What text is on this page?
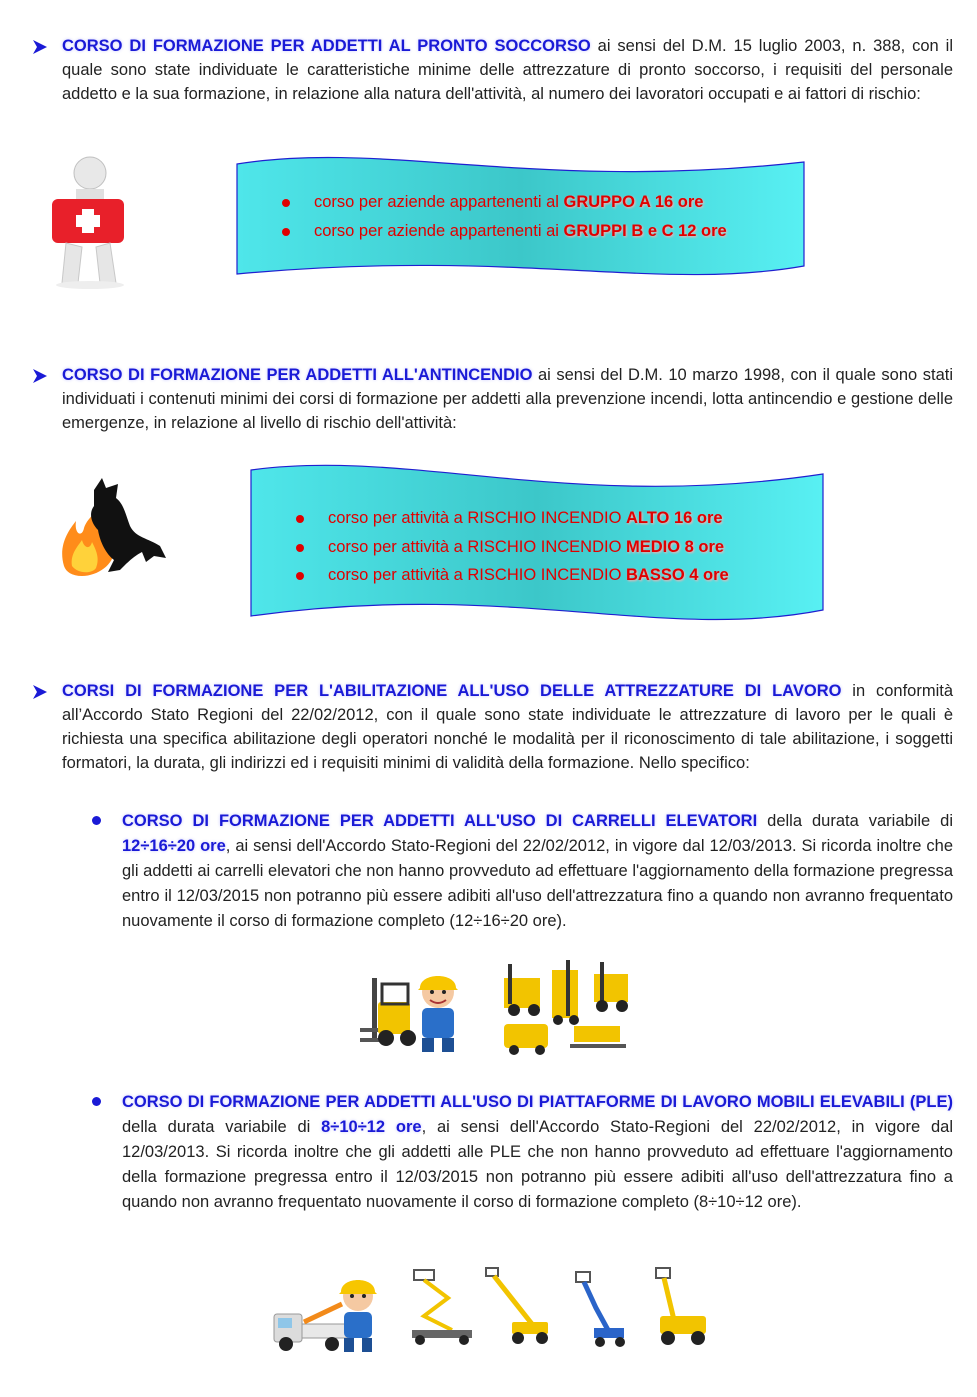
CORSO DI FORMAZIONE PER ADDETTI AL PRONTO SOCCORSO ai sensi del D.M. 15 luglio 2003, n. 388, con il quale sono state individuate le caratteristiche minime delle attrezzature di pronto soccorso, i requisiti del personale addetto e la sua formazione, in relazione alla natura dell'attività, al numero dei lavoratori occupati e ai fattori di rischio:
corso per aziende appartenenti al GRUPPO A 16 ore
corso per aziende appartenenti ai GRUPPI B e C 12 ore
CORSO DI FORMAZIONE PER ADDETTI ALL'ANTINCENDIO ai sensi del D.M. 10 marzo 1998, con il quale sono stati individuati i contenuti minimi dei corsi di formazione per addetti alla prevenzione incendi, lotta antincendio e gestione delle emergenze, in relazione al livello di rischio dell'attività:
corso per attività a RISCHIO INCENDIO ALTO 16 ore
corso per attività a RISCHIO INCENDIO MEDIO 8 ore
corso per attività a RISCHIO INCENDIO BASSO 4 ore
CORSI DI FORMAZIONE PER L'ABILITAZIONE ALL'USO DELLE ATTREZZATURE DI LAVORO in conformità all’Accordo Stato Regioni del 22/02/2012, con il quale sono state individuate le attrezzature di lavoro per le quali è richiesta una specifica abilitazione degli operatori nonché le modalità per il riconoscimento di tale abilitazione, i soggetti formatori, la durata, gli indirizzi ed i requisiti minimi di validità della formazione. Nello specifico:
CORSO DI FORMAZIONE PER ADDETTI ALL'USO DI CARRELLI ELEVATORI della durata variabile di 12÷16÷20 ore, ai sensi dell'Accordo Stato-Regioni del 22/02/2012, in vigore dal 12/03/2013. Si ricorda inoltre che gli addetti ai carrelli elevatori che non hanno provveduto ad effettuare l'aggiornamento della formazione pregressa entro il 12/03/2015 non potranno più essere adibiti all'uso dell'attrezzatura fino a quando non avranno frequentato nuovamente il corso di formazione completo (12÷16÷20 ore).
CORSO DI FORMAZIONE PER ADDETTI ALL'USO DI PIATTAFORME DI LAVORO MOBILI ELEVABILI (PLE) della durata variabile di 8÷10÷12 ore, ai sensi dell'Accordo Stato-Regioni del 22/02/2012, in vigore dal 12/03/2013. Si ricorda inoltre che gli addetti alle PLE che non hanno provveduto ad effettuare l'aggiornamento della formazione pregressa entro il 12/03/2015 non potranno più essere adibiti all'uso dell'attrezzatura fino a quando non avranno frequentato nuovamente il corso di formazione completo (8÷10÷12 ore).
